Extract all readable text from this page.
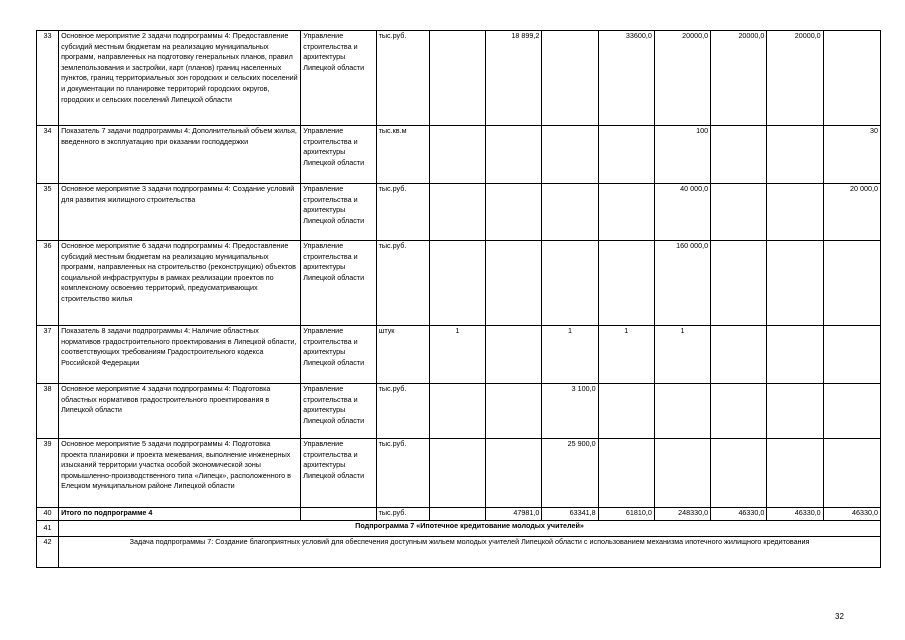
33	Основное мероприятие 2 задачи подпрограммы 4: Предоставление субсидий местным бюджетам на реализацию муниципальных программ, направленных на подготовку генеральных планов, правил землепользования и застройки, карт (планов) границ населенных пунктов, границ территориальных зон городских и сельских поселений и документации по планировке территорий городских округов, городских и сельских поселений Липецкой области	Управление строительства и архитектуры Липецкой области	тыс.руб.		18 899,2		33600,0	20000,0	20000,0	20000,0	
34	Показатель 7 задачи подпрограммы 4: Дополнительный объем жилья, введенного в эксплуатацию при оказании господдержки	Управление строительства и архитектуры Липецкой области	тыс.кв.м					100			30
35	Основное мероприятие 3 задачи подпрограммы 4: Создание условий для развития жилищного строительства	Управление строительства и архитектуры Липецкой области	тыс.руб.					40 000,0			20 000,0
36	Основное мероприятие 6 задачи подпрограммы 4: Предоставление субсидий местным бюджетам на реализацию муниципальных программ, направленных на строительство (реконструкцию) объектов социальной инфраструктуры в рамках реализации проектов по комплексному освоению территорий, предусматривающих строительство жилья	Управление строительства и архитектуры Липецкой области	тыс.руб.					160 000,0			
37	Показатель 8 задачи подпрограммы 4: Наличие областных нормативов градостроительного проектирования в Липецкой области, соответствующих требованиям Градостроительного кодекса Российской Федерации	Управление строительства и архитектуры Липецкой области	штук	1		1	1	1			
38	Основное мероприятие 4 задачи подпрограммы 4: Подготовка областных нормативов градостроительного проектирования в Липецкой области	Управление строительства и архитектуры Липецкой области	тыс.руб.			3 100,0					
39	Основное мероприятие 5 задачи подпрограммы 4: Подготовка проекта планировки и проекта межевания, выполнение инженерных изысканий территории участка особой экономической зоны промышленно-производственного типа «Липецк», расположенного в Елецком муниципальном районе Липецкой области	Управление строительства и архитектуры Липецкой области	тыс.руб.			25 900,0					
40	Итого по подпрограмме 4		тыс.руб.		47981,0	63341,8	61810,0	248330,0	46330,0	46330,0	46330,0
41	Подпрограмма 7 «Ипотечное кредитование молодых учителей»										
42	Задача подпрограммы 7: Создание благоприятных условий для обеспечения доступным жильем молодых учителей Липецкой области с использованием механизма ипотечного жилищного кредитования										
32
